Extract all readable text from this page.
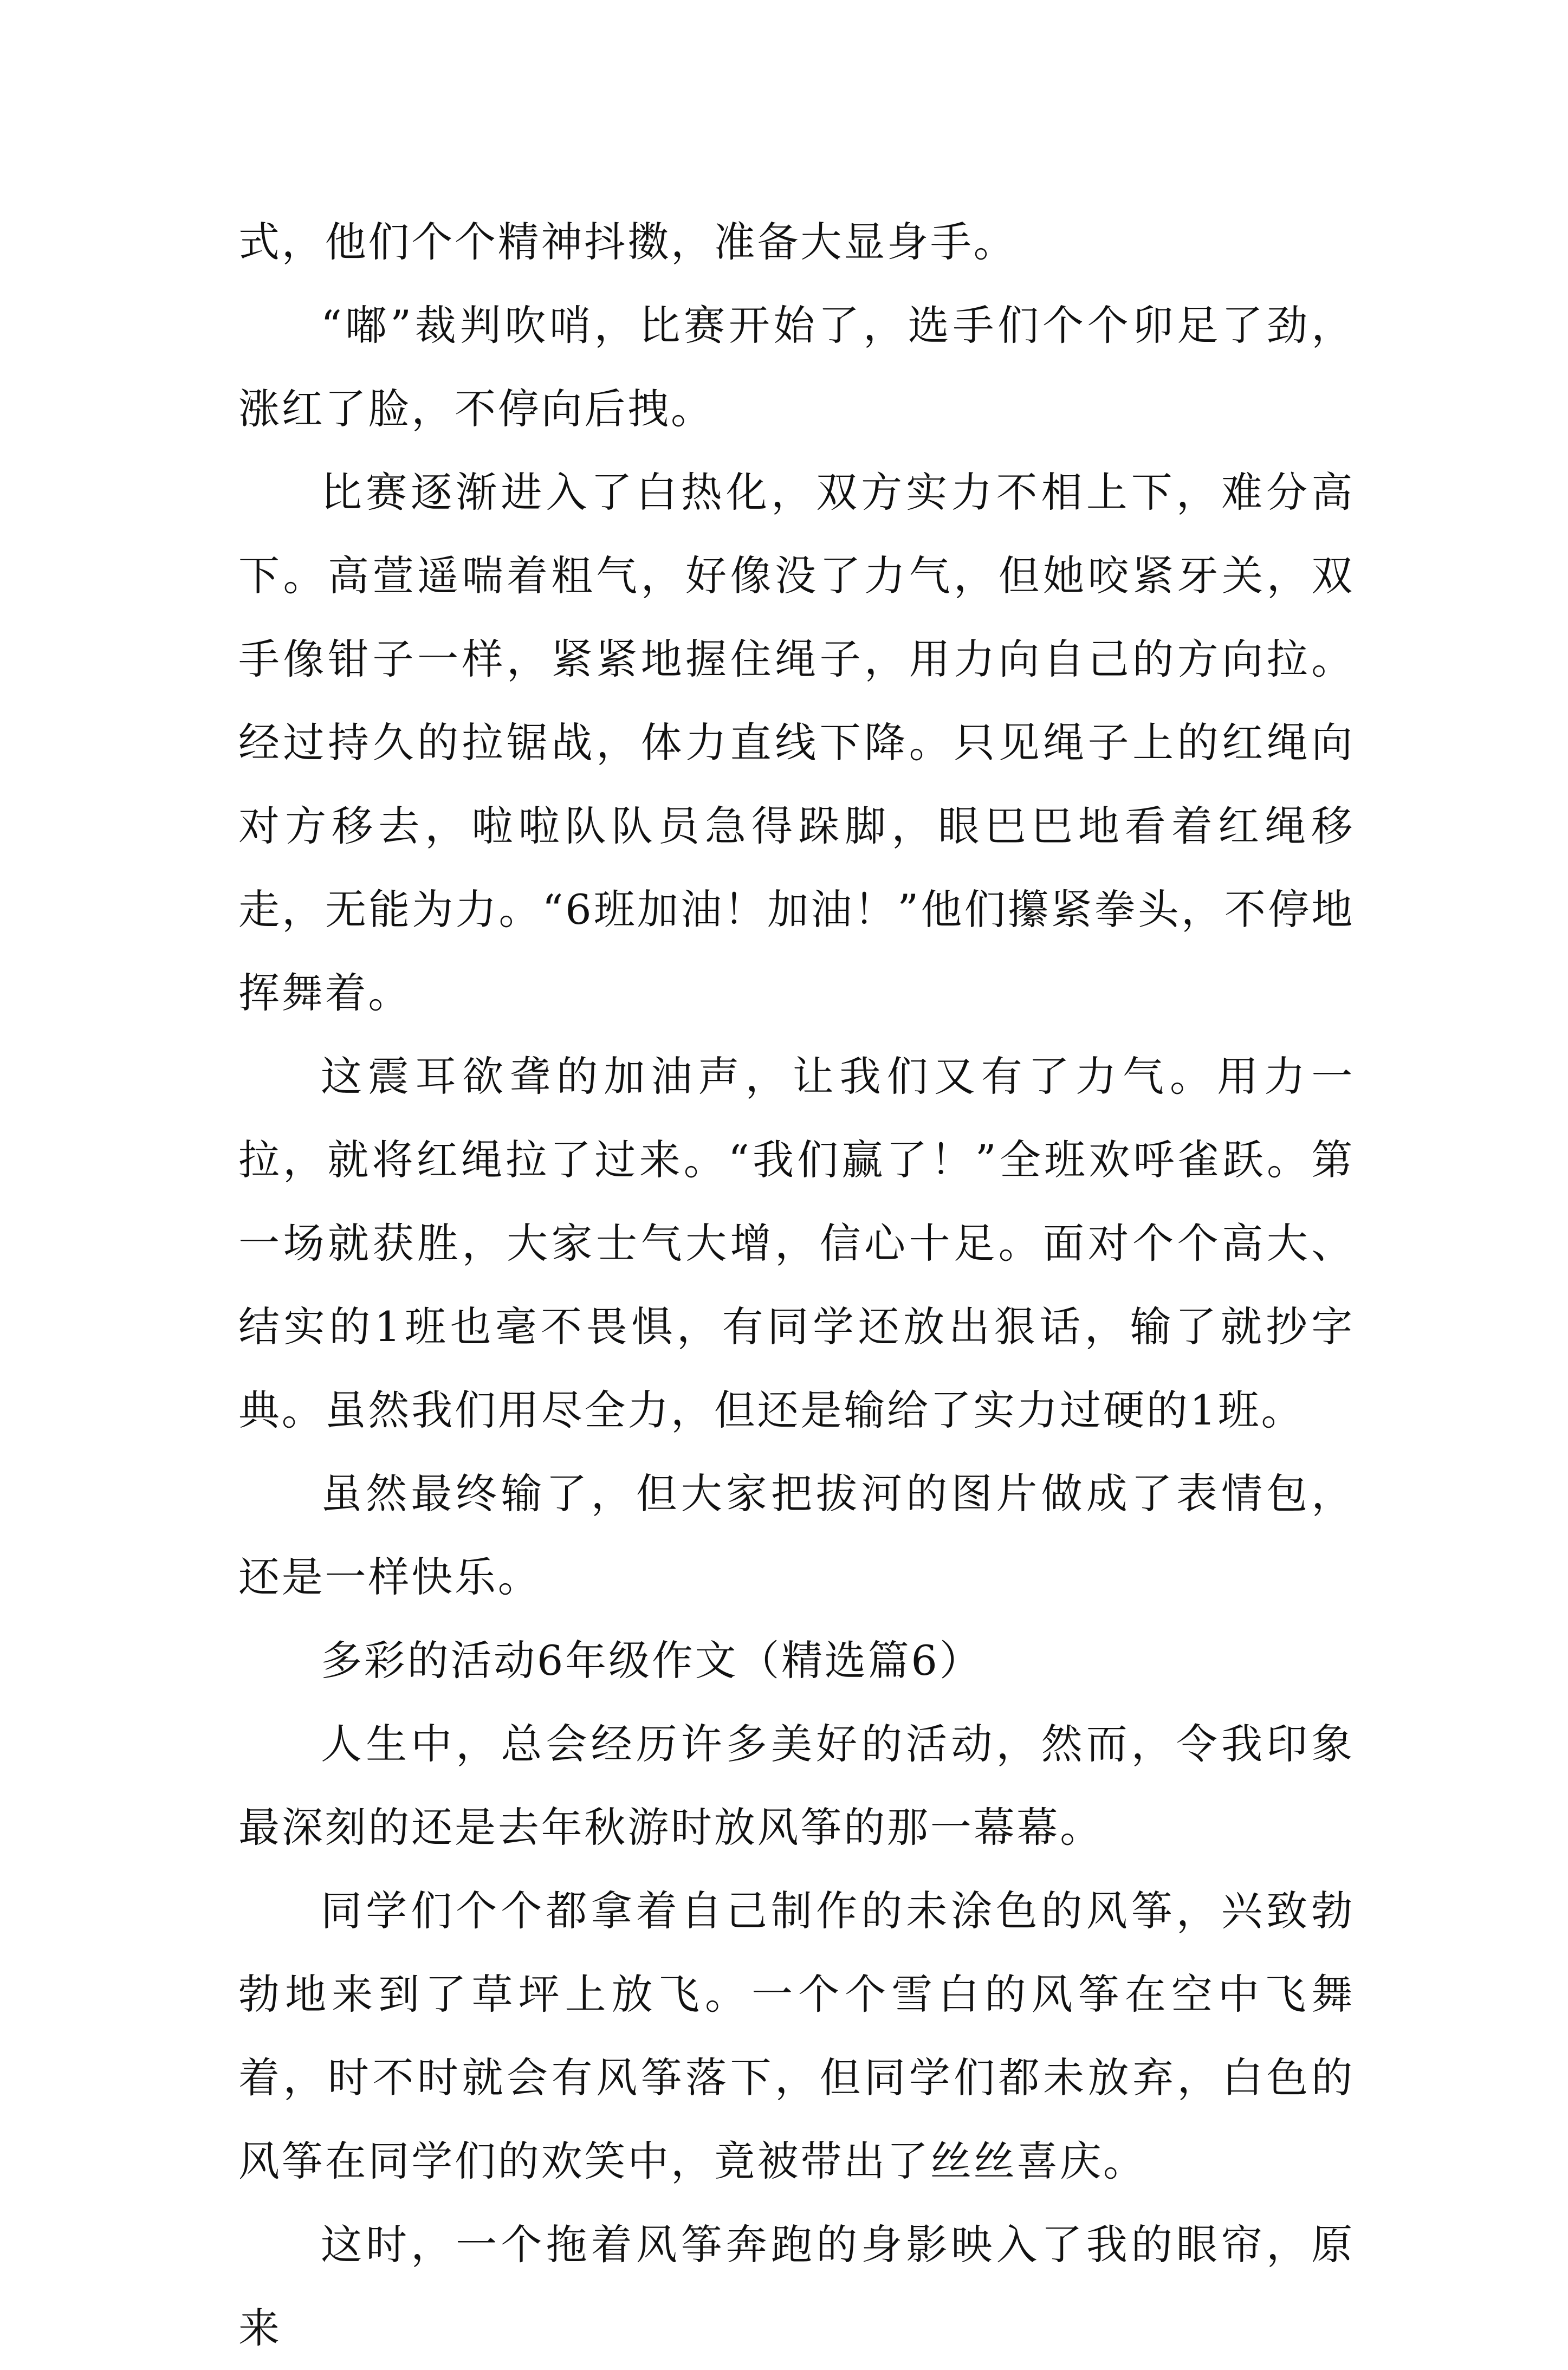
式，他们个个精神抖擞，准备大显身手。

“嘟”裁判吹哨，比赛开始了，选手们个个卯足了劲，涨红了脸，不停向后拽。

比赛逐渐进入了白热化，双方实力不相上下，难分高下。高萱遥喘着粗气，好像没了力气，但她咬紧牙关，双手像钳子一样，紧紧地握住绳子，用力向自己的方向拉。经过持久的拉锯战，体力直线下降。只见绳子上的红绳向对方移去，啦啦队队员急得跺脚，眼巴巴地看着红绳移走，无能为力。“6班加油！加油！”他们攥紧拳头，不停地挥舞着。

这震耳欲聋的加油声，让我们又有了力气。用力一拉，就将红绳拉了过来。“我们赢了！”全班欢呼雀跃。第一场就获胜，大家士气大增，信心十足。面对个个高大、结实的1班也毫不畏惧，有同学还放出狠话，输了就抄字典。虽然我们用尽全力，但还是输给了实力过硬的1班。

虽然最终输了，但大家把拔河的图片做成了表情包，还是一样快乐。

多彩的活动6年级作文（精选篇6）

人生中，总会经历许多美好的活动，然而，令我印象最深刻的还是去年秋游时放风筝的那一幕幕。

同学们个个都拿着自己制作的未涂色的风筝，兴致勃勃地来到了草坪上放飞。一个个雪白的风筝在空中飞舞着，时不时就会有风筝落下，但同学们都未放弃，白色的风筝在同学们的欢笑中，竟被带出了丝丝喜庆。

这时，一个拖着风筝奔跑的身影映入了我的眼帘，原来
